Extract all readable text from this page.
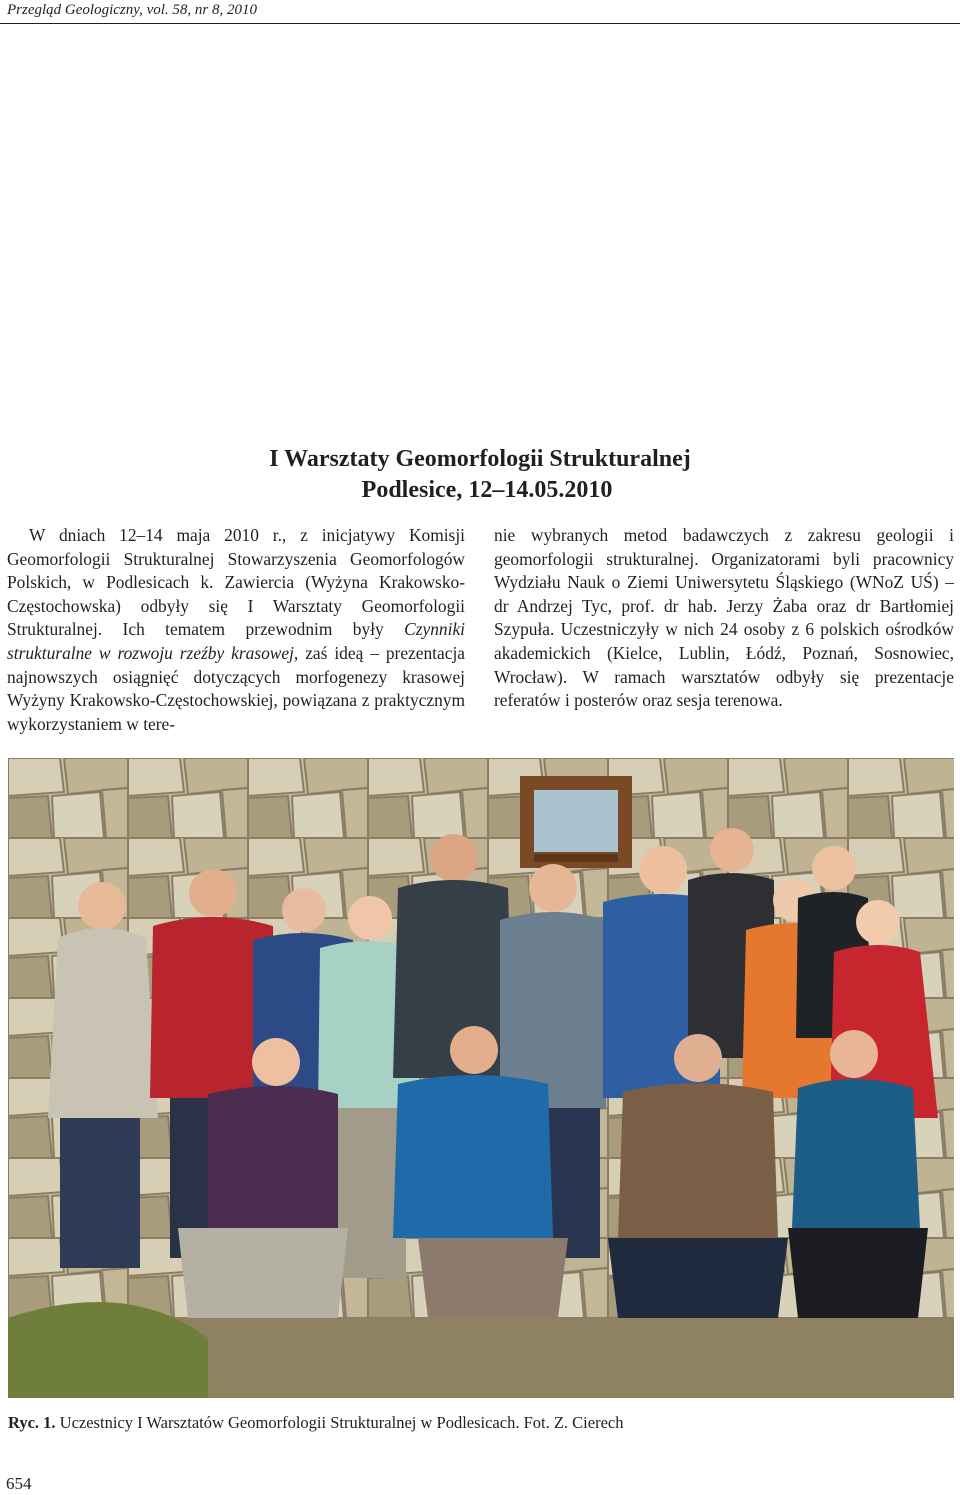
Przegląd Geologiczny, vol. 58, nr 8, 2010
I Warsztaty Geomorfologii Strukturalnej
Podlesice, 12–14.05.2010

W dniach 12–14 maja 2010 r., z inicjatywy Komisji Geomorfologii Strukturalnej Stowarzyszenia Geomorfologów Polskich, w Podlesicach k. Zawiercia (Wyżyna Krakowsko-Częstochowska) odbyły się I Warsztaty Geomorfologii Strukturalnej. Ich tematem przewodnim były Czynniki strukturalne w rozwoju rzeźby krasowej, zaś ideą – prezentacja najnowszych osiągnięć dotyczących morfogenezy krasowej Wyżyny Krakowsko-Częstochowskiej, powiązana z praktycznym wykorzystaniem w tere-

nie wybranych metod badawczych z zakresu geologii i geomorfologii strukturalnej. Organizatorami byli pracownicy Wydziału Nauk o Ziemi Uniwersytetu Śląskiego (WNoZ UŚ) – dr Andrzej Tyc, prof. dr hab. Jerzy Żaba oraz dr Bartłomiej Szypuła. Uczestniczyły w nich 24 osoby z 6 polskich ośrodków akademickich (Kielce, Lublin, Łódź, Poznań, Sosnowiec, Wrocław). W ramach warsztatów odbyły się prezentacje referatów i posterów oraz sesja terenowa.

Ryc. 1. Uczestnicy I Warsztatów Geomorfologii Strukturalnej w Podlesicach. Fot. Z. Cierech
654
